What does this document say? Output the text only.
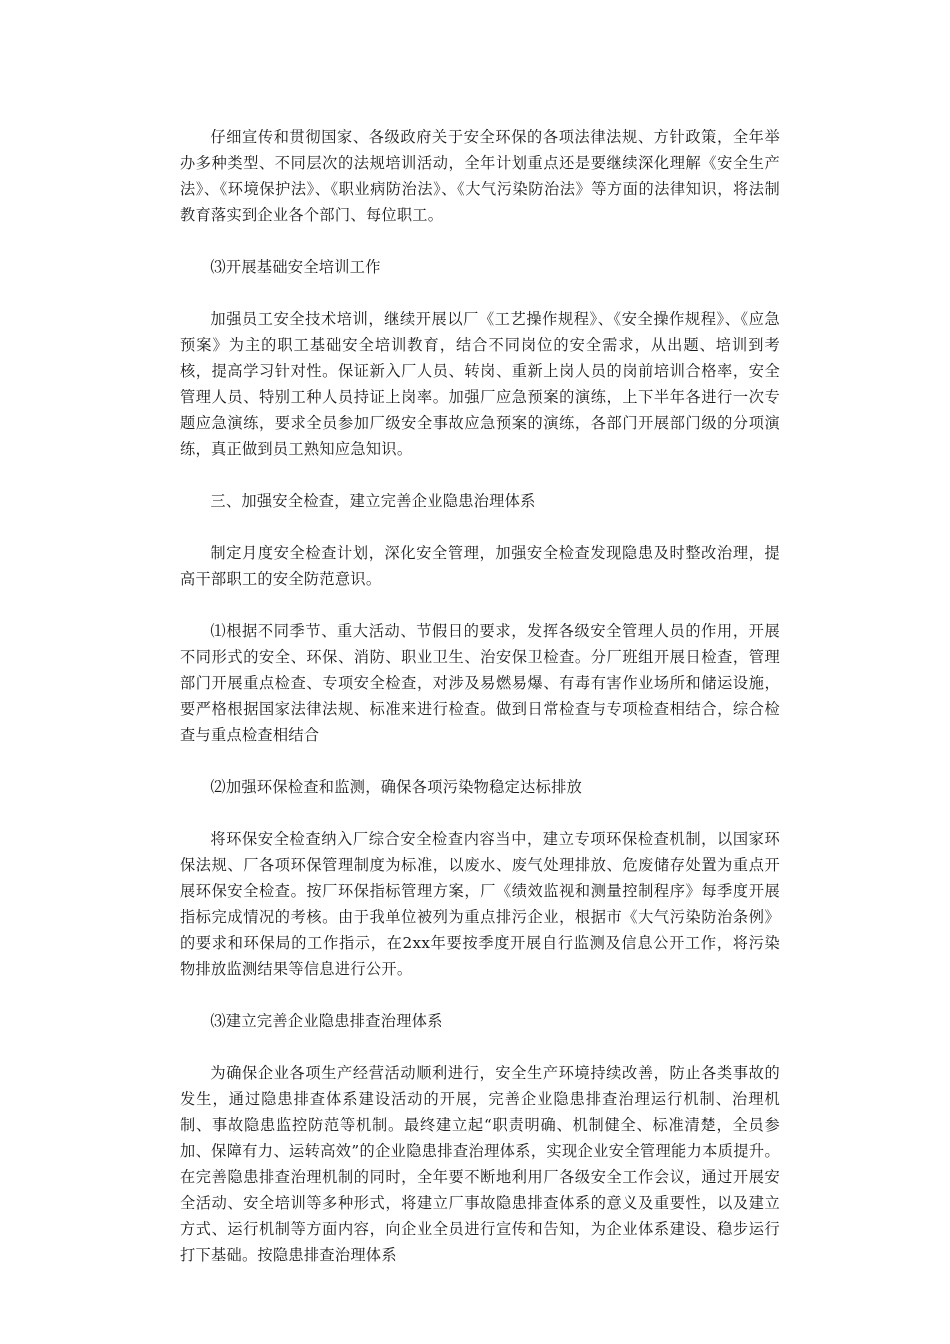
仔细宣传和贯彻国家、各级政府关于安全环保的各项法律法规、方针政策，全年举办多种类型、不同层次的法规培训活动，全年计划重点还是要继续深化理解《安全生产法》、《环境保护法》、《职业病防治法》、《大气污染防治法》等方面的法律知识，将法制教育落实到企业各个部门、每位职工。

⑶开展基础安全培训工作

加强员工安全技术培训，继续开展以厂《工艺操作规程》、《安全操作规程》、《应急预案》为主的职工基础安全培训教育，结合不同岗位的安全需求，从出题、培训到考核，提高学习针对性。保证新入厂人员、转岗、重新上岗人员的岗前培训合格率，安全管理人员、特别工种人员持证上岗率。加强厂应急预案的演练，上下半年各进行一次专题应急演练，要求全员参加厂级安全事故应急预案的演练，各部门开展部门级的分项演练，真正做到员工熟知应急知识。

三、加强安全检查，建立完善企业隐患治理体系

制定月度安全检查计划，深化安全管理，加强安全检查发现隐患及时整改治理，提高干部职工的安全防范意识。

⑴根据不同季节、重大活动、节假日的要求，发挥各级安全管理人员的作用，开展不同形式的安全、环保、消防、职业卫生、治安保卫检查。分厂班组开展日检查，管理部门开展重点检查、专项安全检查，对涉及易燃易爆、有毒有害作业场所和储运设施，要严格根据国家法律法规、标准来进行检查。做到日常检查与专项检查相结合，综合检查与重点检查相结合

⑵加强环保检查和监测，确保各项污染物稳定达标排放

将环保安全检查纳入厂综合安全检查内容当中，建立专项环保检查机制，以国家环保法规、厂各项环保管理制度为标准，以废水、废气处理排放、危废储存处置为重点开展环保安全检查。按厂环保指标管理方案，厂《绩效监视和测量控制程序》每季度开展指标完成情况的考核。由于我单位被列为重点排污企业，根据市《大气污染防治条例》的要求和环保局的工作指示，在2xx年要按季度开展自行监测及信息公开工作，将污染物排放监测结果等信息进行公开。

⑶建立完善企业隐患排查治理体系

为确保企业各项生产经营活动顺利进行，安全生产环境持续改善，防止各类事故的发生，通过隐患排查体系建设活动的开展，完善企业隐患排查治理运行机制、治理机制、事故隐患监控防范等机制。最终建立起“职责明确、机制健全、标准清楚，全员参加、保障有力、运转高效”的企业隐患排查治理体系，实现企业安全管理能力本质提升。在完善隐患排查治理机制的同时，全年要不断地利用厂各级安全工作会议，通过开展安全活动、安全培训等多种形式，将建立厂事故隐患排查体系的意义及重要性，以及建立方式、运行机制等方面内容，向企业全员进行宣传和告知，为企业体系建设、稳步运行打下基础。按隐患排查治理体系
